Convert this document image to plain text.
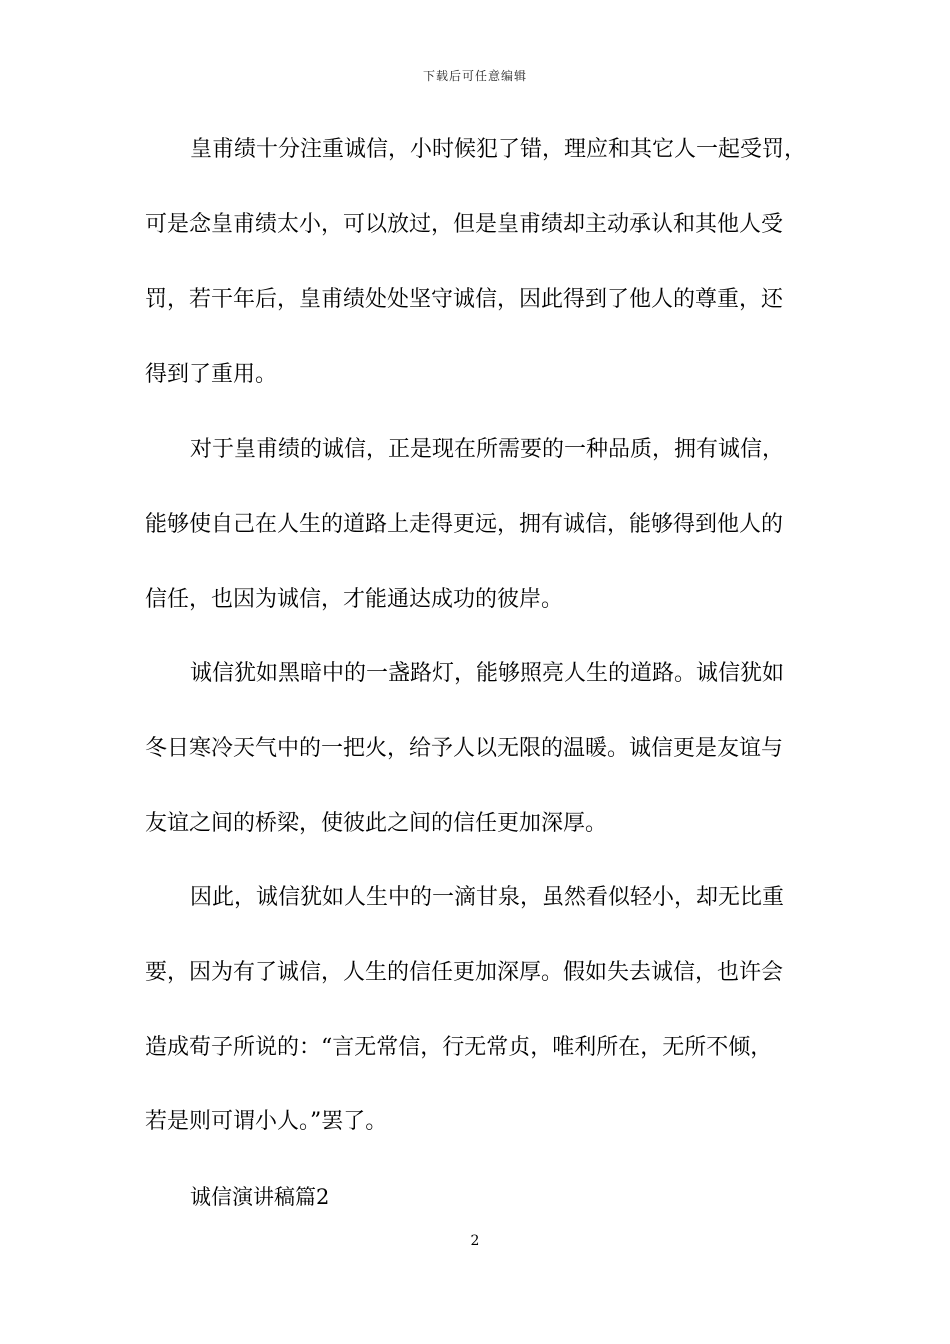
下载后可任意编辑
皇甫绩十分注重诚信，小时候犯了错，理应和其它人一起受罚，
可是念皇甫绩太小，可以放过，但是皇甫绩却主动承认和其他人受
罚，若干年后，皇甫绩处处坚守诚信，因此得到了他人的尊重，还
得到了重用。
对于皇甫绩的诚信，正是现在所需要的一种品质，拥有诚信，
能够使自己在人生的道路上走得更远，拥有诚信，能够得到他人的
信任，也因为诚信，才能通达成功的彼岸。
诚信犹如黑暗中的一盏路灯，能够照亮人生的道路。诚信犹如
冬日寒冷天气中的一把火，给予人以无限的温暖。诚信更是友谊与
友谊之间的桥梁，使彼此之间的信任更加深厚。
因此，诚信犹如人生中的一滴甘泉，虽然看似轻小，却无比重
要，因为有了诚信，人生的信任更加深厚。假如失去诚信，也许会
造成荀子所说的：“言无常信，行无常贞，唯利所在，无所不倾，
若是则可谓小人。”罢了。
诚信演讲稿篇2
2
